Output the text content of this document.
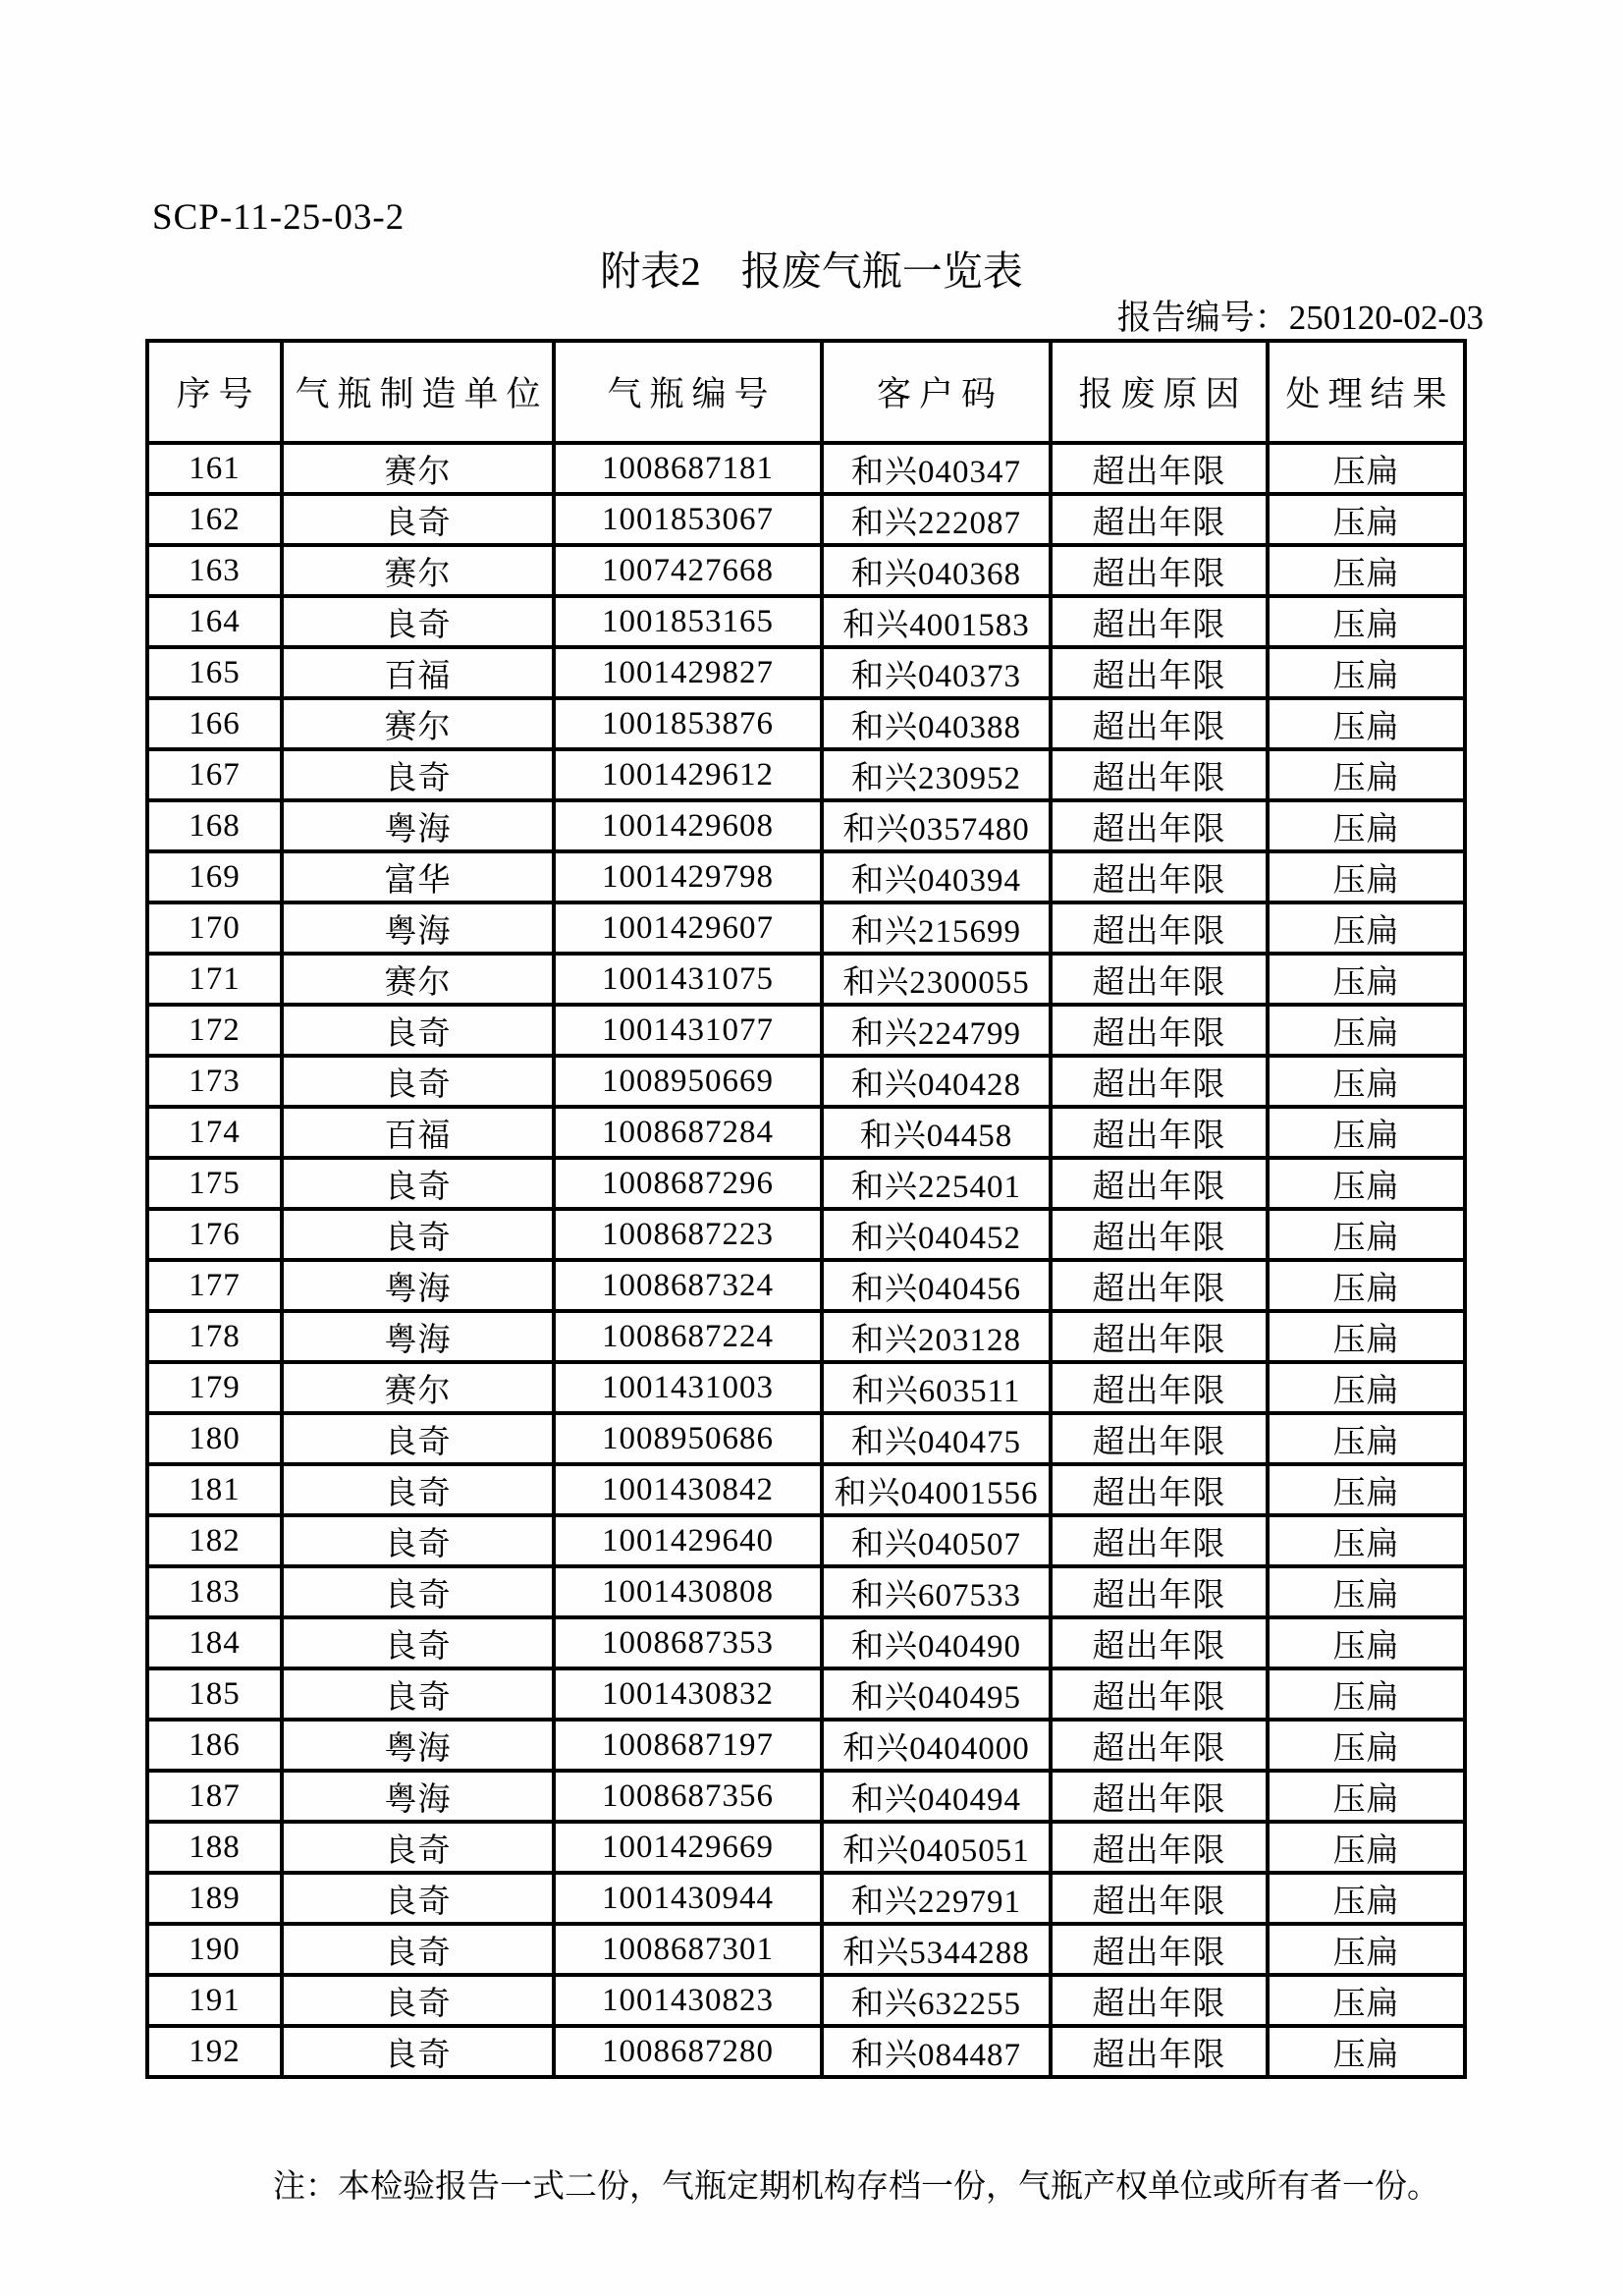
SCP-11-25-03-2
附表2　报废气瓶一览表
报告编号：250120-02-03
序号	气瓶制造单位	气瓶编号	客户码	报废原因	处理结果
161	赛尔	1008687181	和兴040347	超出年限	压扁
162	良奇	1001853067	和兴222087	超出年限	压扁
163	赛尔	1007427668	和兴040368	超出年限	压扁
164	良奇	1001853165	和兴4001583	超出年限	压扁
165	百福	1001429827	和兴040373	超出年限	压扁
166	赛尔	1001853876	和兴040388	超出年限	压扁
167	良奇	1001429612	和兴230952	超出年限	压扁
168	粤海	1001429608	和兴0357480	超出年限	压扁
169	富华	1001429798	和兴040394	超出年限	压扁
170	粤海	1001429607	和兴215699	超出年限	压扁
171	赛尔	1001431075	和兴2300055	超出年限	压扁
172	良奇	1001431077	和兴224799	超出年限	压扁
173	良奇	1008950669	和兴040428	超出年限	压扁
174	百福	1008687284	和兴04458	超出年限	压扁
175	良奇	1008687296	和兴225401	超出年限	压扁
176	良奇	1008687223	和兴040452	超出年限	压扁
177	粤海	1008687324	和兴040456	超出年限	压扁
178	粤海	1008687224	和兴203128	超出年限	压扁
179	赛尔	1001431003	和兴603511	超出年限	压扁
180	良奇	1008950686	和兴040475	超出年限	压扁
181	良奇	1001430842	和兴04001556	超出年限	压扁
182	良奇	1001429640	和兴040507	超出年限	压扁
183	良奇	1001430808	和兴607533	超出年限	压扁
184	良奇	1008687353	和兴040490	超出年限	压扁
185	良奇	1001430832	和兴040495	超出年限	压扁
186	粤海	1008687197	和兴0404000	超出年限	压扁
187	粤海	1008687356	和兴040494	超出年限	压扁
188	良奇	1001429669	和兴0405051	超出年限	压扁
189	良奇	1001430944	和兴229791	超出年限	压扁
190	良奇	1008687301	和兴5344288	超出年限	压扁
191	良奇	1001430823	和兴632255	超出年限	压扁
192	良奇	1008687280	和兴084487	超出年限	压扁
注：本检验报告一式二份，气瓶定期机构存档一份，气瓶产权单位或所有者一份。
